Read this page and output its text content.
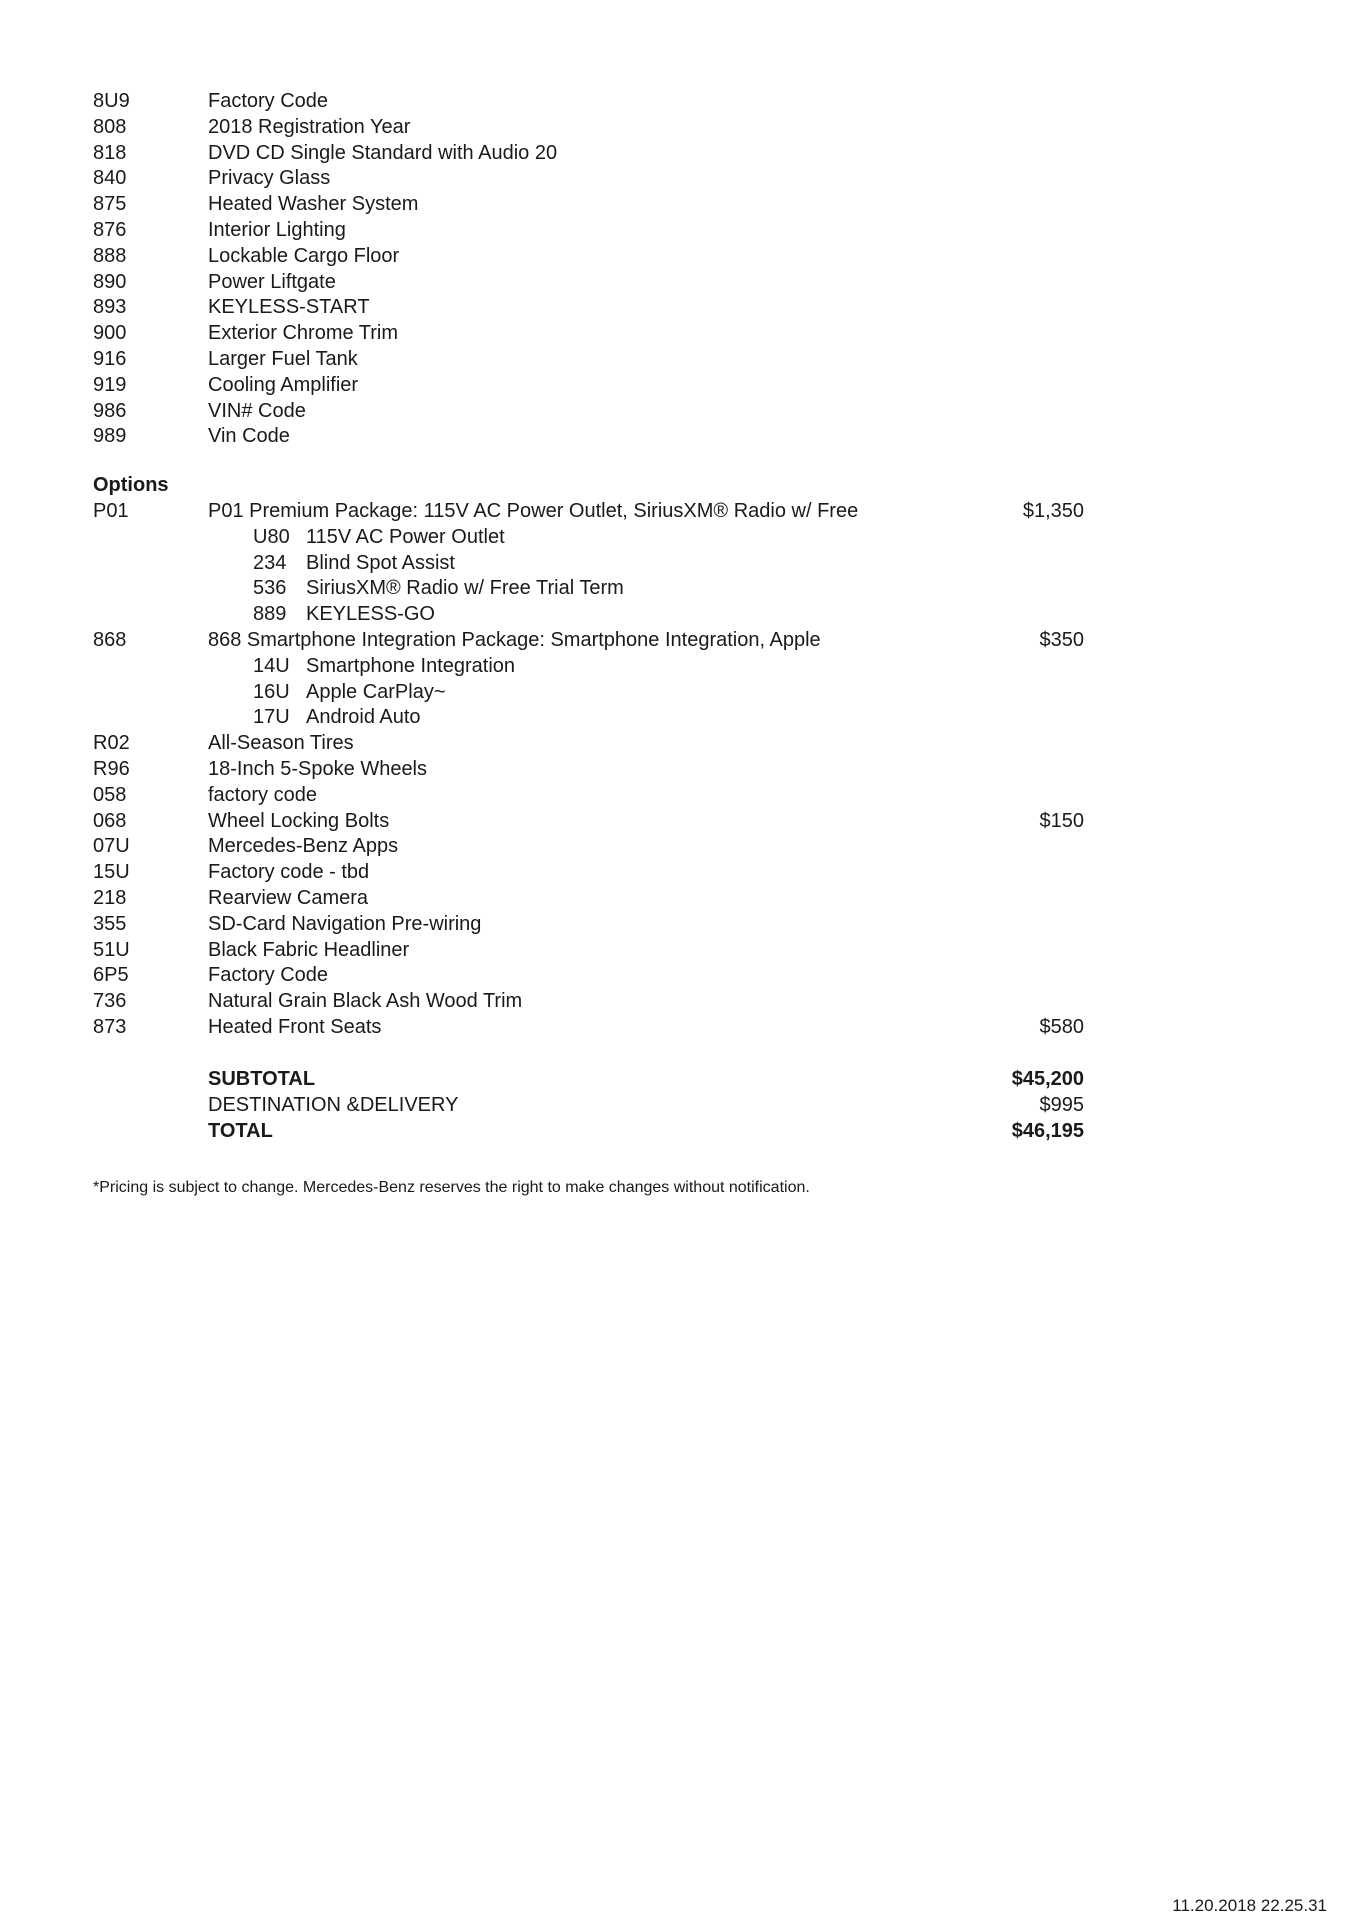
8U9	Factory Code
808	2018 Registration Year
818	DVD CD Single Standard with Audio 20
840	Privacy Glass
875	Heated Washer System
876	Interior Lighting
888	Lockable Cargo Floor
890	Power Liftgate
893	KEYLESS-START
900	Exterior Chrome Trim
916	Larger Fuel Tank
919	Cooling Amplifier
986	VIN# Code
989	Vin Code
Options
P01	P01 Premium Package: 115V AC Power Outlet, SiriusXM® Radio w/ Free	$1,350
U80 115V AC Power Outlet
234 Blind Spot Assist
536 SiriusXM® Radio w/ Free Trial Term
889 KEYLESS-GO
868	868 Smartphone Integration Package: Smartphone Integration, Apple	$350
14U Smartphone Integration
16U Apple CarPlay~
17U Android Auto
R02	All-Season Tires
R96	18-Inch 5-Spoke Wheels
058	factory code
068	Wheel Locking Bolts	$150
07U	Mercedes-Benz Apps
15U	Factory code - tbd
218	Rearview Camera
355	SD-Card Navigation Pre-wiring
51U	Black Fabric Headliner
6P5	Factory Code
736	Natural Grain Black Ash Wood Trim
873	Heated Front Seats	$580
SUBTOTAL	$45,200
DESTINATION &DELIVERY	$995
TOTAL	$46,195
*Pricing is subject to change. Mercedes-Benz reserves the right to make changes without notification.
11.20.2018 22.25.31
